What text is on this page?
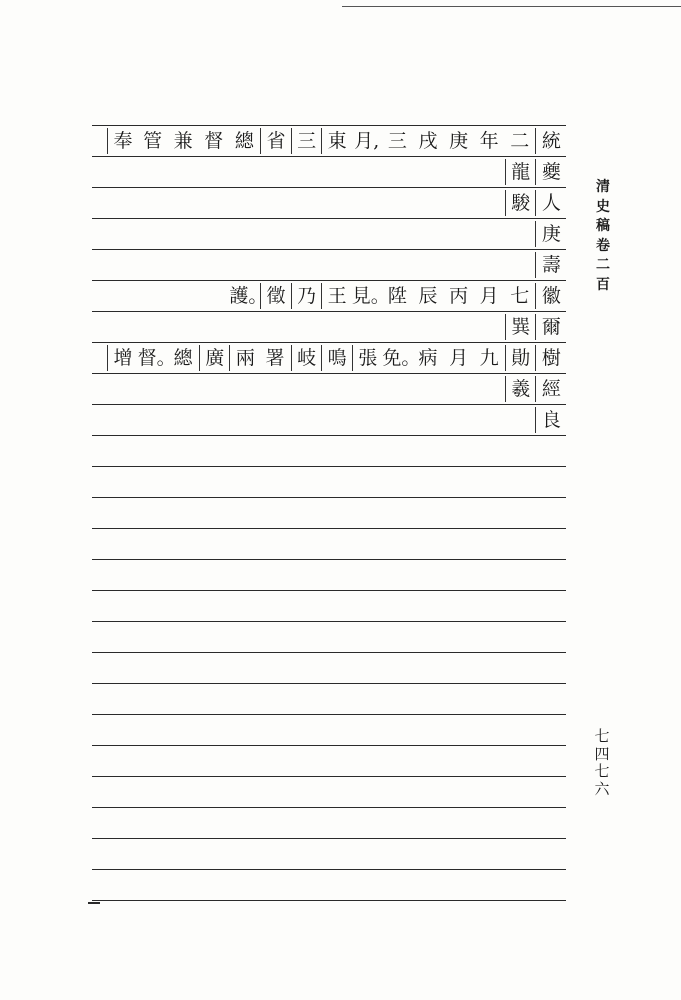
統
二
年
庚
戌
三
月,
東
三
省
總
督
兼
管
奉
夔
龍
人
駿
庚
壽
徽
七
月
丙
辰
陞
見。
王
乃
徵
護。
爾
巽
樹
勛
九
月
病
免。
張
鳴
岐
署
兩
廣
總
督。
增
經
羲
良
清
史
稿
卷
二
百
七
四
七
六
